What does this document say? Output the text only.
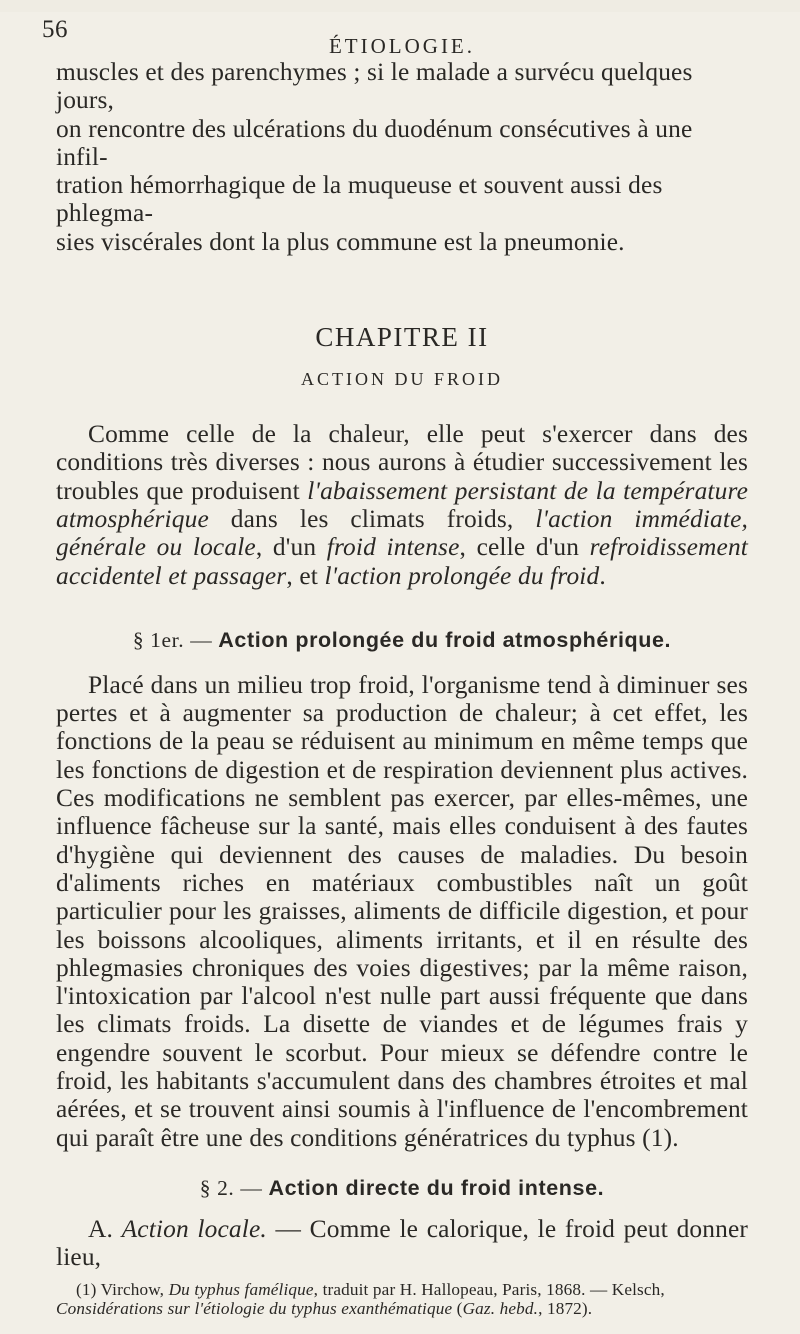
56
ÉTIOLOGIE.

muscles et des parenchymes ; si le malade a survécu quelques jours,
on rencontre des ulcérations du duodénum consécutives à une infil-
tration hémorrhagique de la muqueuse et souvent aussi des phlegma-
sies viscérales dont la plus commune est la pneumonie.

CHAPITRE II
ACTION DU FROID

Comme celle de la chaleur, elle peut s'exercer dans des conditions très diverses : nous aurons à étudier successivement les troubles que produisent l'abaissement persistant de la température atmosphérique dans les climats froids, l'action immédiate, générale ou locale, d'un froid intense, celle d'un refroidissement accidentel et passager, et l'action prolongée du froid.

§ 1er. — Action prolongée du froid atmosphérique.

Placé dans un milieu trop froid, l'organisme tend à diminuer ses pertes et à augmenter sa production de chaleur; à cet effet, les fonctions de la peau se réduisent au minimum en même temps que les fonctions de digestion et de respiration deviennent plus actives. Ces modifications ne semblent pas exercer, par elles-mêmes, une influence fâcheuse sur la santé, mais elles conduisent à des fautes d'hygiène qui deviennent des causes de maladies. Du besoin d'aliments riches en matériaux combustibles naît un goût particulier pour les graisses, aliments de difficile digestion, et pour les boissons alcooliques, aliments irritants, et il en résulte des phlegmasies chroniques des voies digestives; par la même raison, l'intoxication par l'alcool n'est nulle part aussi fréquente que dans les climats froids. La disette de viandes et de légumes frais y engendre souvent le scorbut. Pour mieux se défendre contre le froid, les habitants s'accumulent dans des chambres étroites et mal aérées, et se trouvent ainsi soumis à l'influence de l'encombrement qui paraît être une des conditions génératrices du typhus (1).

§ 2. — Action directe du froid intense.

A. Action locale. — Comme le calorique, le froid peut donner lieu,

(1) Virchow, Du typhus famélique, traduit par H. Hallopeau, Paris, 1868. — Kelsch, Considérations sur l'étiologie du typhus exanthématique (Gaz. hebd., 1872).
